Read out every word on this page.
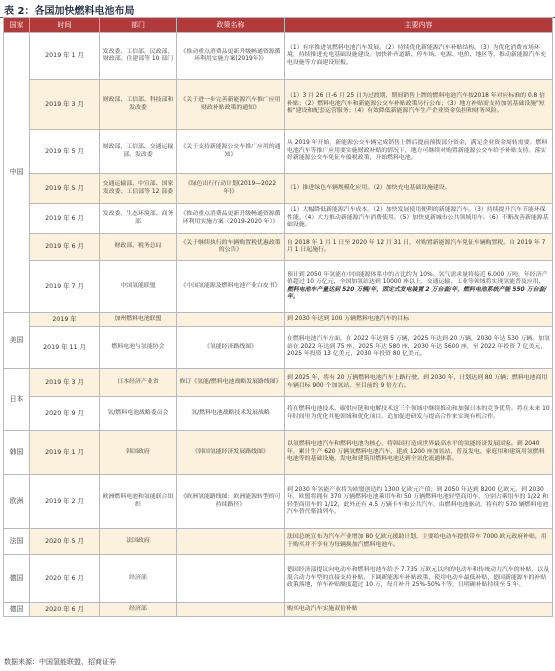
表 2：各国加快燃料电池布局
国家	时间	部门	政策名称	主要内容
中国	2019 年 1 月	发改委、工信部、民政部、财政部、住建部等 10 部门	《推动重点消费品更新升级畅通资源循环利用实施方案(2019年)》	（1）有序推进氢燃料电池汽车发展。（2）持续优化新能源汽车补贴结构。（3）为优化消费市场环境，持续推进充电基础设施建设。加快补齐道路、停车场、电源、电价、地区等，推动新能源汽车充电设施等方面建设短板。
	2019 年 3 月	财政部、工信部、科技部和发改委	《关于进一步完善新能源汽车推广应用财政补贴政策的通知》	（1）3 月 26 日-6 月 25 日为过渡期，期间销售上牌的燃料电池汽车按2018 年对应标准的 0.8 倍补贴；（2）燃料电池汽车和新能源公交车补贴政策另行公布；（3）地方补贴需支持加氢基础设施"短板"建设和配套运营服务；（4）有效降低新能源汽车生产企业资金负担和财务风险。
	2019 年 5 月	财政部、工信部、交通运输部、发改委	《关于支持新能源公交车推广应用的通知》	从 2019 年开始，新能源公交车辆完成销售上牌后提前预拨部分资金，满足企业资金周转需要。燃料电池汽车等推广应用要实施财政补贴的情况下，地方可继续对购置新能源公交车给予补贴支持。落实好新能源公交车免征车船税政策，开始燃料电池。
	2019 年 5 月	交通运输部、中宣部、国家发改委、工信部等 12 部委	《绿色出行行动计划(2019—2022 年)》	（1）推进绿色车辆规模化应用。（2）加快充电基础设施建设。
	2019 年 6 月	发改委、生态环境部、商务部	《推动重点消费品更新升级畅通资源循环利用实施方案（2019-2020 年）》	（1）大幅降低新能源汽车成本。（2）加快发展使用便利的新能源汽车。（3）持续提升汽车节能环保性能。（4）大力推动新能源汽车消费使用。（5）加快更新城市公共领域用车。（6）不断改善新能源基础设施。
	2019 年 6 月	财政部、税务总局	《关于继续执行的车辆购置税优惠政策的公告》	自 2018 年 1 月 1 日至 2020 年 12 月 31 日，对购置新能源汽车免征车辆购置税。自 2019 年 7 月 1 日起施行。
	2019 年 7 月	中国氢能联盟	《中国氢能源及燃料电池产业白皮书》	预计到 2050 年氢能在中国能源体系中的占比约为 10%。氢气需求量将接近 6,000 万吨，年经济产值超过 10 万亿元，全国加氢站达到 10000 座以上，交通运输、工业等领域将实现氢能普及应用，燃料电池车产量达到 520 万辆/年，固定式发电装置 2 万台套/年，燃料电池系统产能 550 万台套/年。
美国	2019 年	加州燃料电池联盟		到 2030 年达到 100 万辆燃料电池汽车的目标
	2019 年 11 月	燃料电池与氢能协会	《氢能经济路线图》	在燃料电池汽车方面，在 2022 年达到 5 万辆，2025 年达到 20 万辆，2030 年达 530 万辆。加氢站在 2022 年达到 75 座，2025 年达 580 座，2030 年达 5600 座，至 2022 年投资 7 亿美元，2025 年投资 13 亿美元，2030 年投资 80 亿美元。
日本	2019 年 3 月	日本经济产业省	修订《氢能/燃料电池战略发展路线图》	到 2025 年，将有 20 万辆燃料电池汽车上路行驶，到 2030 年，计划达到 80 万辆；燃料电池商用车辆目标 900 个加氢站，至目前约 9 倍左右。
	2020 年 9 月	氢/燃料电池战略委员会	氢/燃料电池战略技术发展战略	将在燃料电池技术、碳供应链和电解技术这三个领域中继续推动和加强日本的竞争优势。将在未来 10 年时间里为优化其他领域和优化项目，追加促进研发与提高合作来实现有机合作。
韩国	2019 年 1 月	韩国政府	《韩国氢能经济发展路线图》	以氢燃料电池汽车和燃料电池为核心，将韩国打造成世界最高水平的氢能经济发展国家。到 2040 年，累计生产 620 万辆氢燃料电池汽车，建成 1200 座加氢站，普及发电、家庭用和建筑用氢燃料电池等的基础设施，发电和建筑用燃料电池达到全氢化流通体系。
欧洲	2019 年 2 月	欧洲燃料电池和氢能联合组织	《欧洲氢能路线图：欧洲能源转型的可持续路径》	到 2030 年氢能产业将为欧盟创造约 1300 亿欧元产值；到 2050 年达到 8200 亿欧元。到 2030 年，欧盟将拥有 370 万辆燃料电池乘用车和 50 万辆燃料电池轻型商用车，分别占乘用车的 1/22 和轻型商用车的 1/12，此外还有 4.5 万辆卡车和公共汽车，由燃料电池驱动，将有约 570 辆燃料电池汽车替代柴油列车。
法国	2020 年 5 月	法国政府		法国总统宣布为汽车产业增加 80 亿欧元援助计划，主要给电动车提供带车 7000 欧元政府补贴，用于购买并不享有为每辆换加汽燃料电池车。
德国	2020 年 6 月	经济部		德国经济部提议向电动车和燃料电池车给予 7.735 万欧元以内的电动车和传统动力汽车的补贴，以及混合动力车型的直接支持补贴，下调新能源车补贴政策，使用电动车最低补贴，德国新能源车的补贴政策落地，单车补贴额度超过 10 万，每月补升 25%-50%不等，且明确补贴持续至 5 年。
德国	2020 年 6 月	经济部		购买电动汽车实施双倍补贴
数据来源：中国氢能联盟、招商证券
